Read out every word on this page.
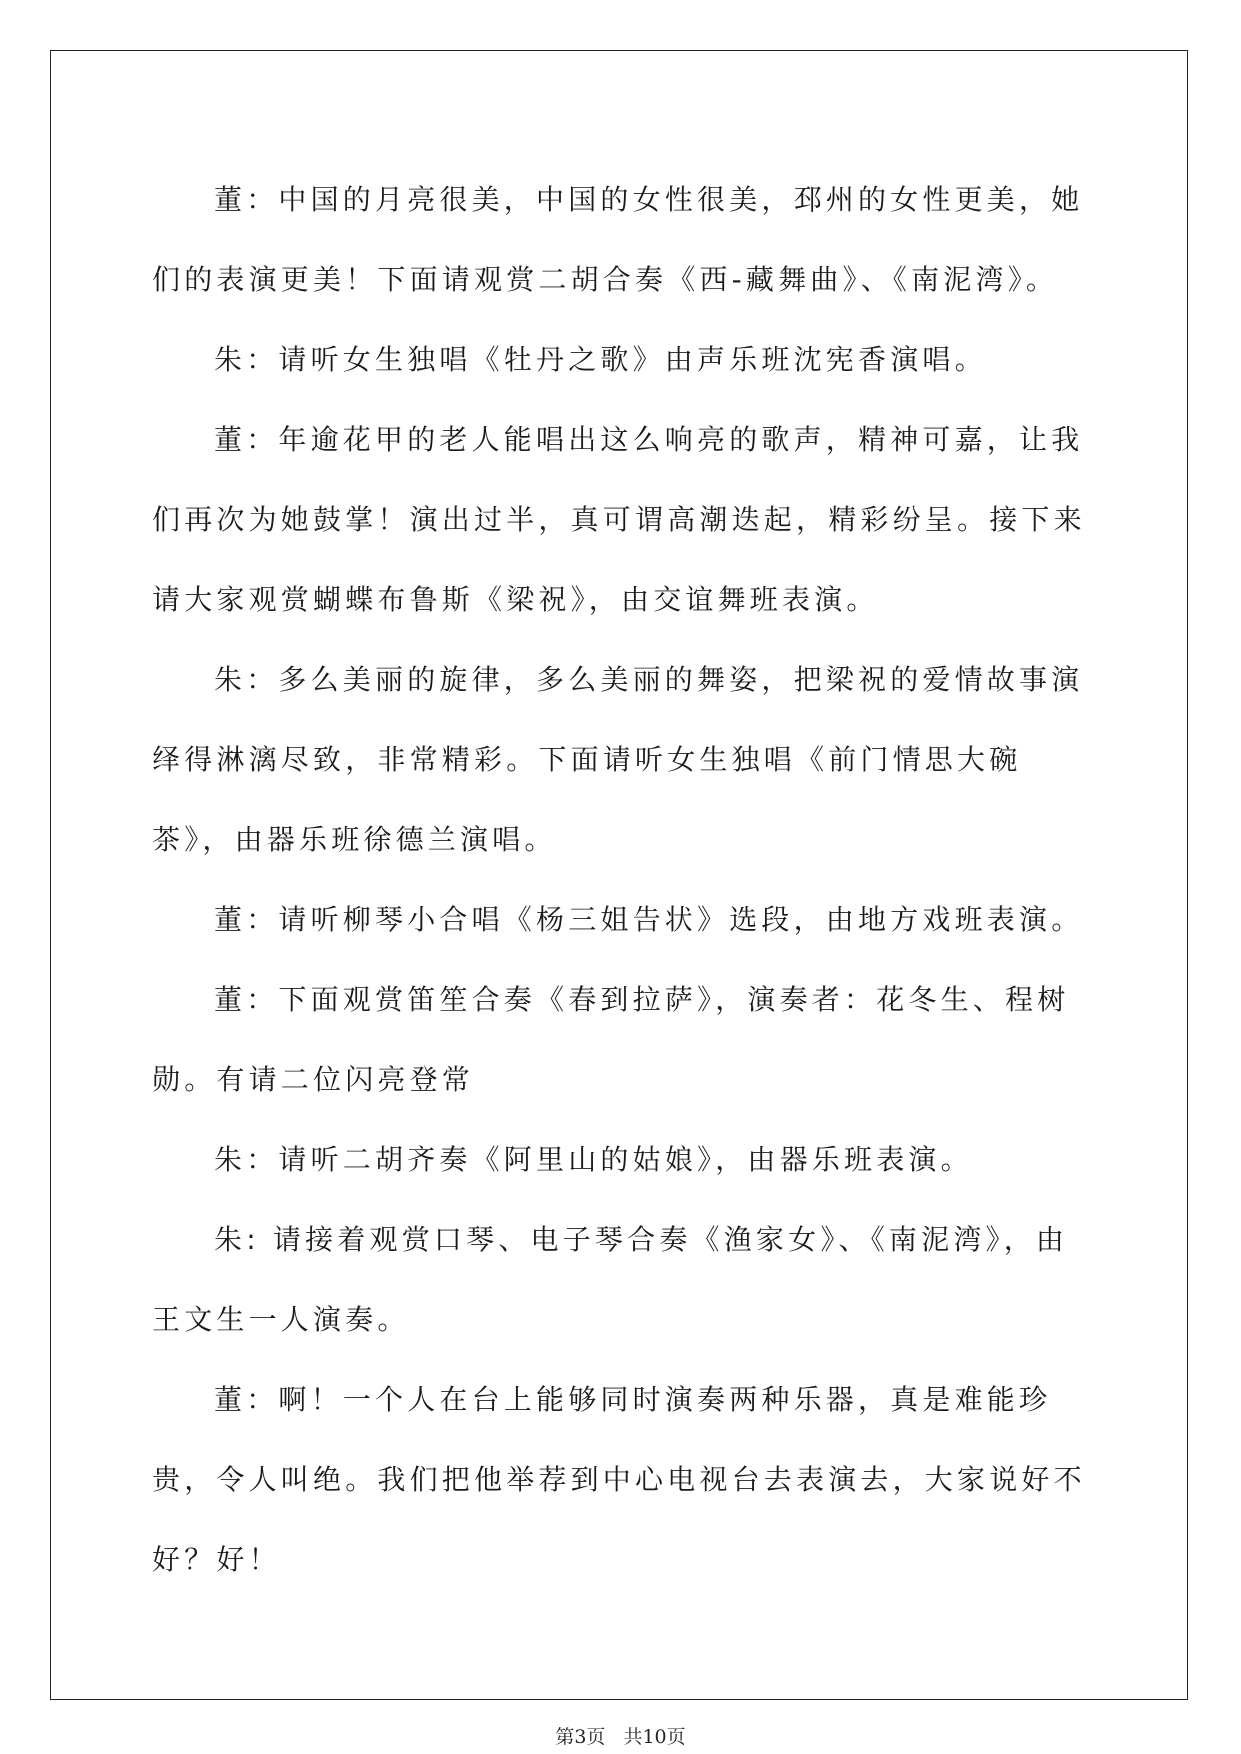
董：中国的月亮很美，中国的女性很美，邳州的女性更美，她们的表演更美！下面请观赏二胡合奏《西-藏舞曲》、《南泥湾》。

朱：请听女生独唱《牡丹之歌》由声乐班沈宪香演唱。

董：年逾花甲的老人能唱出这么响亮的歌声，精神可嘉，让我们再次为她鼓掌！演出过半，真可谓高潮迭起，精彩纷呈。接下来请大家观赏蝴蝶布鲁斯《梁祝》，由交谊舞班表演。

朱：多么美丽的旋律，多么美丽的舞姿，把梁祝的爱情故事演绎得淋漓尽致，非常精彩。下面请听女生独唱《前门情思大碗茶》，由器乐班徐德兰演唱。

董：请听柳琴小合唱《杨三姐告状》选段，由地方戏班表演。

董：下面观赏笛笙合奏《春到拉萨》，演奏者：花冬生、程树勋。有请二位闪亮登常

朱：请听二胡齐奏《阿里山的姑娘》，由器乐班表演。

朱: 请接着观赏口琴、电子琴合奏《渔家女》、《南泥湾》，由王文生一人演奏。

董：啊！一个人在台上能够同时演奏两种乐器，真是难能珍贵，令人叫绝。我们把他举荐到中心电视台去表演去，大家说好不好？好！

第3页 共10页
